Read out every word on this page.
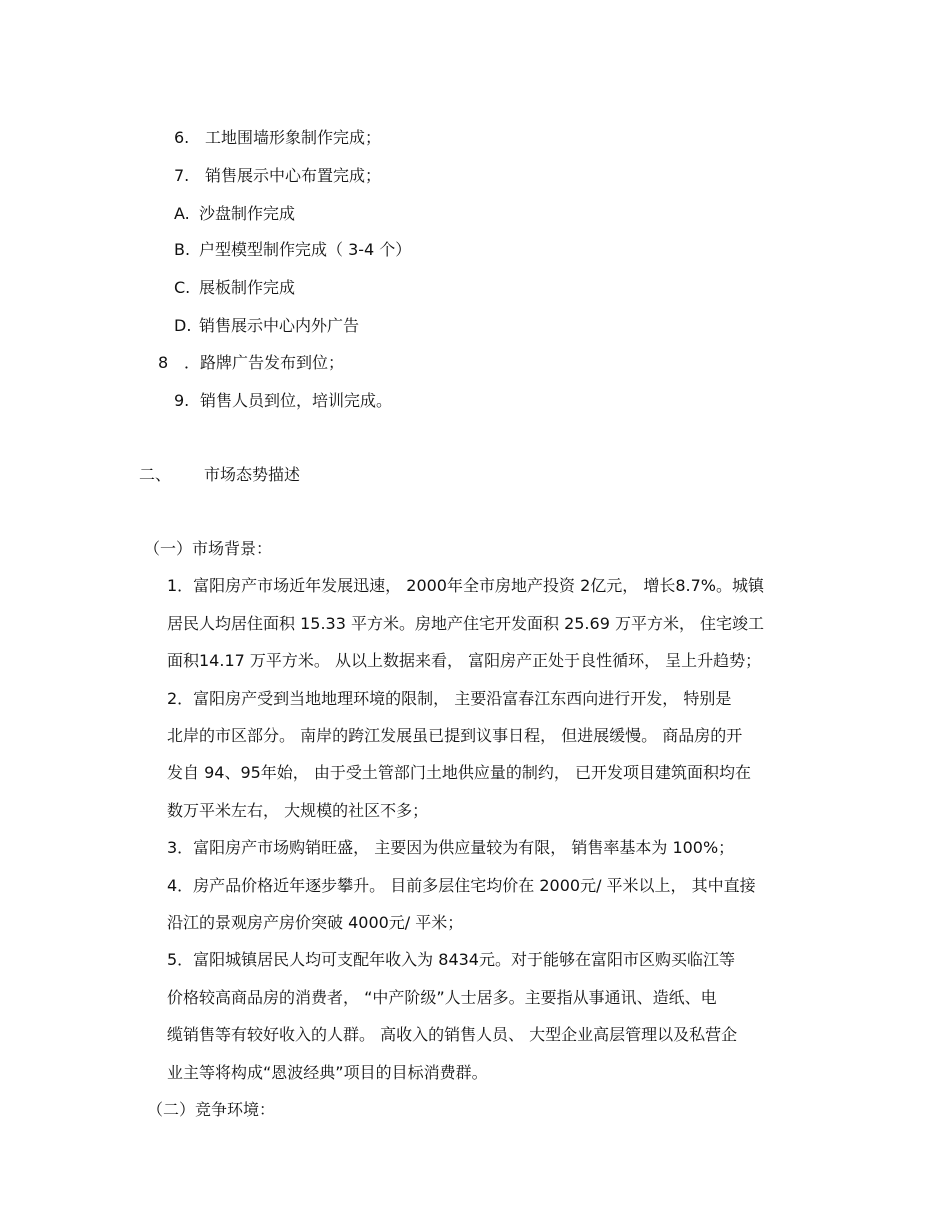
6. 工地围墙形象制作完成；
7. 销售展示中心布置完成；
A. 沙盘制作完成
B. 户型模型制作完成（ 3-4 个）
C. 展板制作完成
D. 销售展示中心内外广告
8 ．路牌广告发布到位；
9. 销售人员到位，培训完成。
二、 市场态势描述
（一）市场背景：
1．富阳房产市场近年发展迅速， 2000年全市房地产投资 2亿元， 增长8.7%。城镇
居民人均居住面积 15.33 平方米。房地产住宅开发面积 25.69 万平方米， 住宅竣工
面积14.17 万平方米。 从以上数据来看， 富阳房产正处于良性循环， 呈上升趋势；
2．富阳房产受到当地地理环境的限制， 主要沿富春江东西向进行开发， 特别是
北岸的市区部分。 南岸的跨江发展虽已提到议事日程， 但进展缓慢。 商品房的开
发自 94、95年始， 由于受土管部门土地供应量的制约， 已开发项目建筑面积均在
数万平米左右， 大规模的社区不多；
3．富阳房产市场购销旺盛， 主要因为供应量较为有限， 销售率基本为 100%；
4．房产品价格近年逐步攀升。 目前多层住宅均价在 2000元/ 平米以上， 其中直接
沿江的景观房产房价突破 4000元/ 平米；
5．富阳城镇居民人均可支配年收入为 8434元。对于能够在富阳市区购买临江等
价格较高商品房的消费者， “中产阶级”人士居多。主要指从事通讯、造纸、电
缆销售等有较好收入的人群。 高收入的销售人员、 大型企业高层管理以及私营企
业主等将构成“恩波经典”项目的目标消费群。
（二）竞争环境：
